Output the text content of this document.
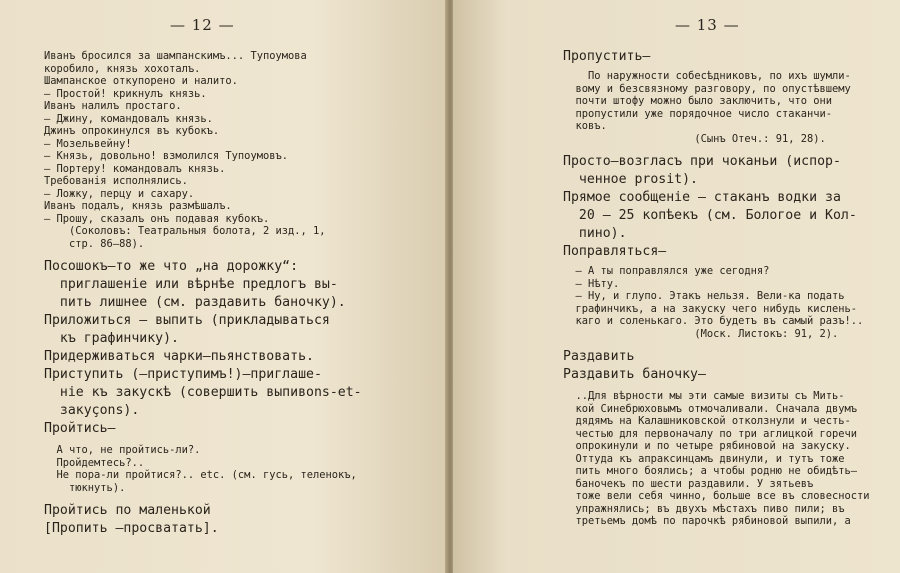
— 12 —
Иванъ бросился за шампанскимъ... Тупоумова
коробило, князь хохоталъ.
Шампанское откупорено и налито.
— Простой! крикнулъ князь.
Иванъ налилъ простаго.
— Джину, командовалъ князь.
Джинъ опрокинулся въ кубокъ.
— Мозельвейну!
— Князь, довольно! взмолился Тупоумовъ.
— Портеру! командовалъ князь.
Требованія исполнялись.
— Ложку, перцу и сахару.
Иванъ подалъ, князь размѣшалъ.
— Прошу, сказалъ онъ подавая кубокъ.
(Соколовъ: Театральныя болота, 2 изд., 1,
стр. 86—88).
Посошокъ—то же что „на дорожку“:
приглашеніе или вѣрнѣе предлогъ вы-
пить лишнее (см. раздавить баночку).
Приложиться — выпить (прикладываться
къ графинчику).
Придерживаться чарки—пьянствовать.
Приступить (—приступимъ!)—приглаше-
ніе къ закускѣ (совершить выпивons-et-
закуçons).
Пройтись—
А что, не пройтись-ли?.
Пройдемтесь?..
Не пора-ли пройтися?.. etc. (см. гусь, теленокъ,
тюкнуть).
Пройтись по маленькой
[Пропить —просватать].
— 13 —
Пропустить—
По наружности собесѣдниковъ, по ихъ шумли-
вому и безсвязному разговору, по опустѣвшему
почти штофу можно было заключить, что они
пропустили уже порядочное число стаканчи-
ковъ.
(Сынъ Отеч.: 91, 28).
Просто—возгласъ при чоканьи (испор-
ченное prosit).
Прямое сообщеніе — стаканъ водки за
20 — 25 копѣекъ (см. Бологое и Кол-
пино).
Поправляться—
— А ты поправлялся уже сегодня?
— Нѣту.
— Ну, и глупо. Этакъ нельзя. Вели-ка подать
графинчикъ, а на закуску чего нибудь кислень-
каго и соленькаго. Это будетъ въ самый разъ!..
(Моск. Листокъ: 91, 2).
Раздавить
Раздавить баночку—
..Для вѣрности мы эти самые визиты съ Мить-
кой Синебрюховымъ отмочаливали. Сначала двумъ
дядямъ на Калашниковской отколзнули и честь-
честью для первоначалу по три аглицкой горечи
опрокинули и по четыре рябиновой на закуску.
Оттуда къ апраксинцамъ двинули, и тутъ тоже
пить много боялись; а чтобы родню не обидѣть—
баночекъ по шести раздавили. У зятьевъ
тоже вели себя чинно, больше все въ словесности
упражнялись; въ двухъ мѣстахъ пиво пили; въ
третьемъ домѣ по парочкѣ рябиновой выпили, а
